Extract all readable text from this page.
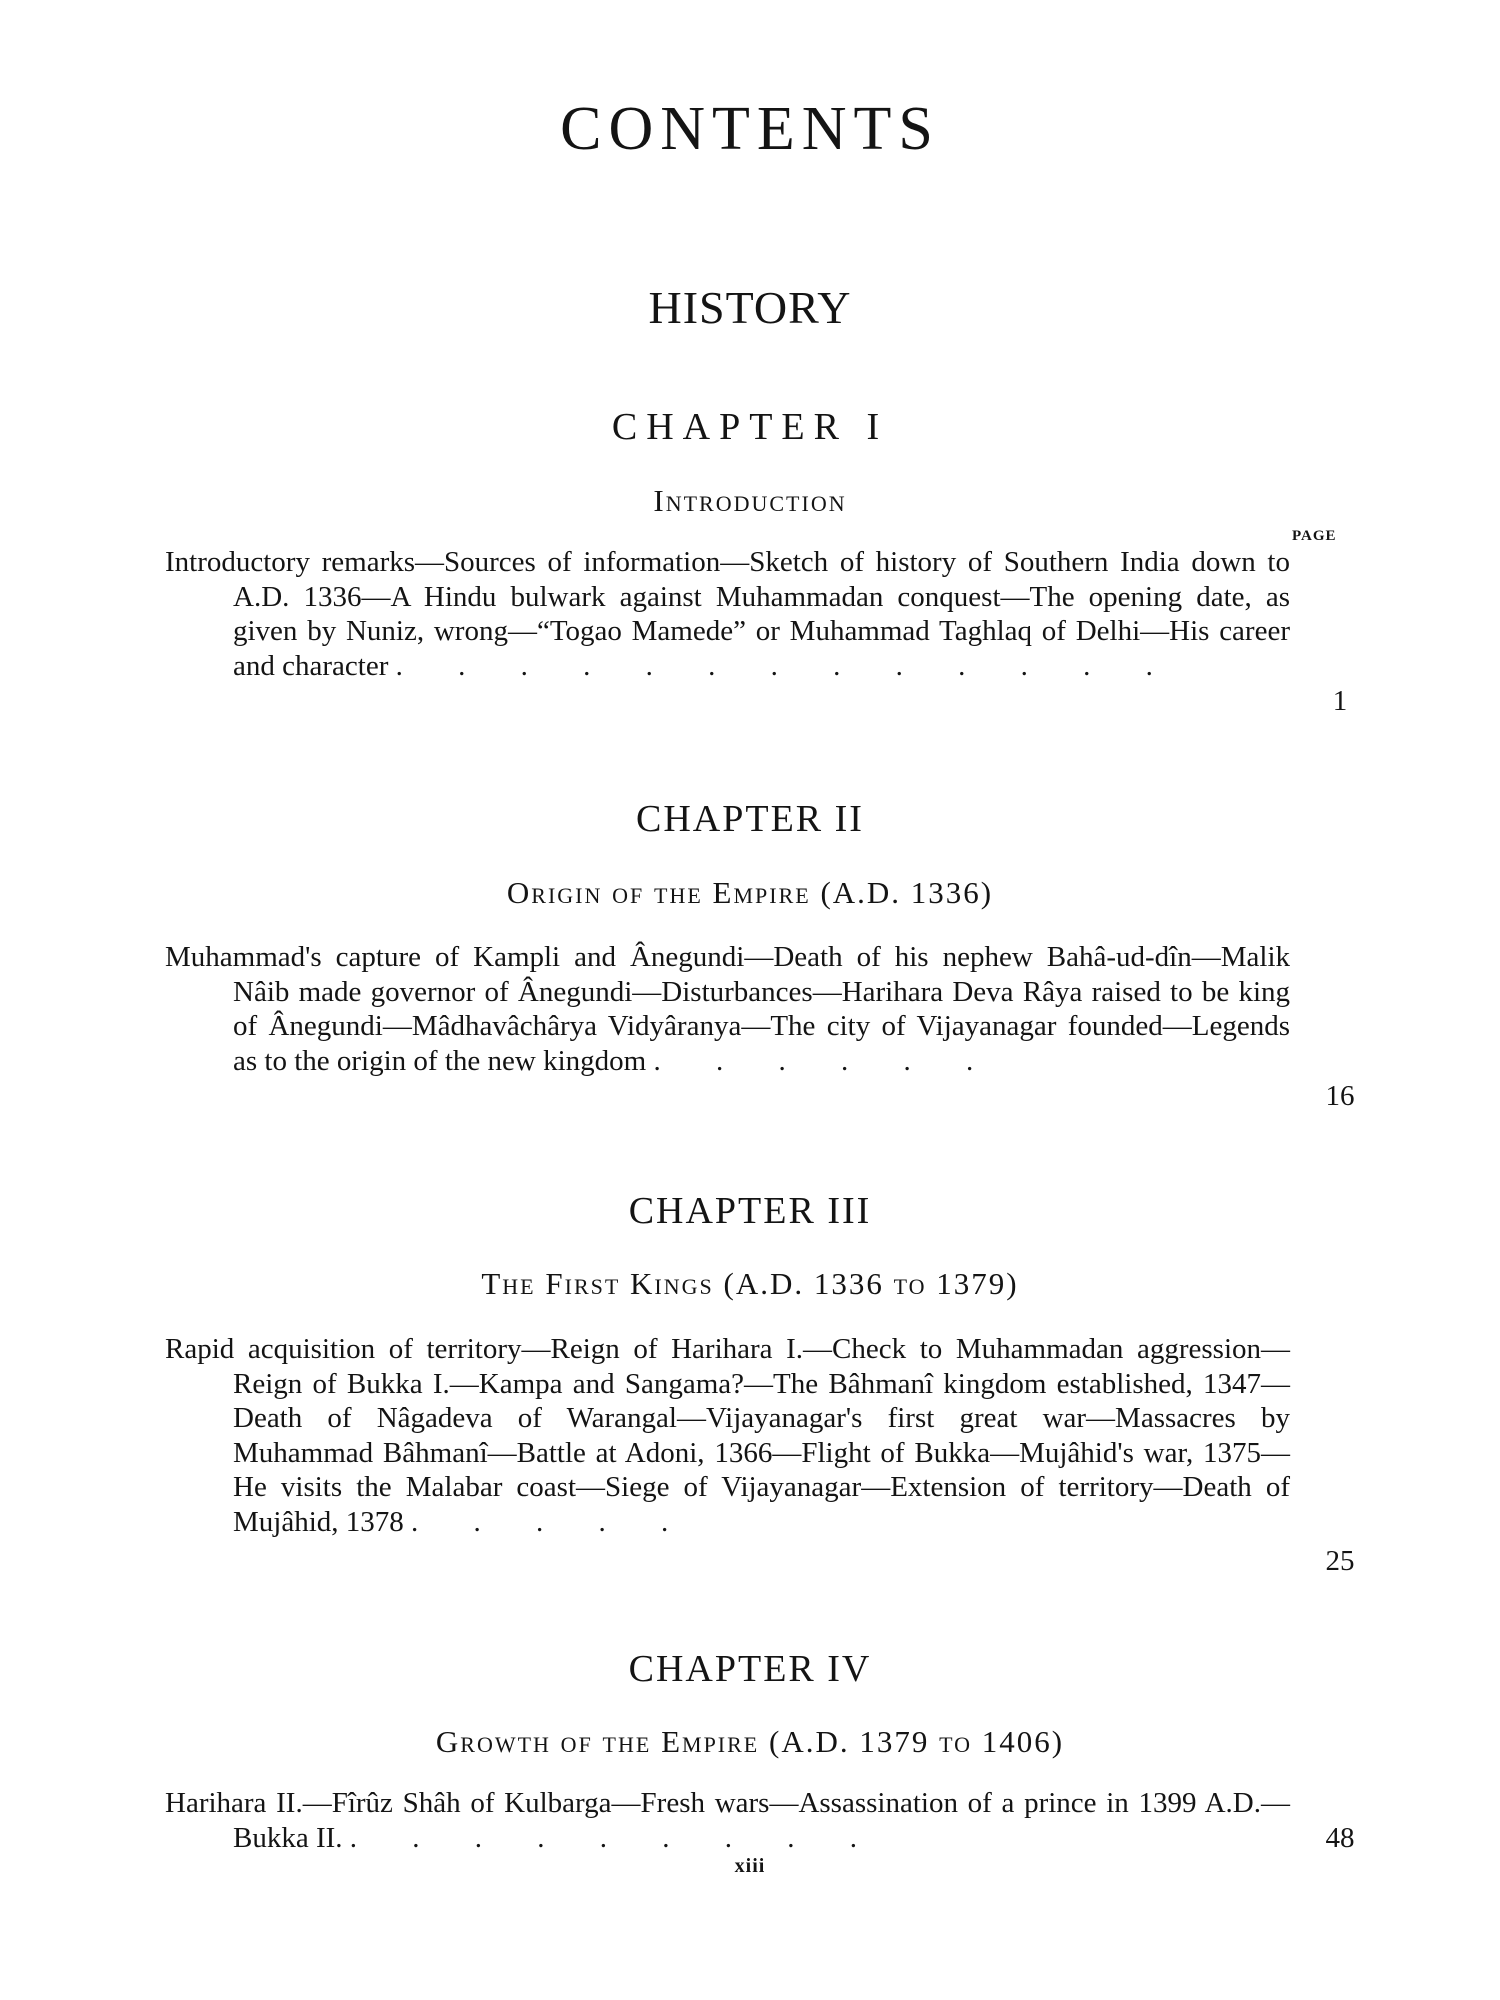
CONTENTS
HISTORY
CHAPTER I
Introduction
PAGE
Introductory remarks—Sources of information—Sketch of history of Southern India down to A.D. 1336—A Hindu bulwark against Muhammadan conquest—The opening date, as given by Nuniz, wrong—“Togao Mamede” or Muhammad Taghlaq of Delhi—His career and character . . . . . . . . . . . . .
1
CHAPTER II
Origin of the Empire (A.D. 1336)
Muhammad's capture of Kampli and Ânegundi—Death of his nephew Bahâ-ud-dîn—Malik Nâib made governor of Ânegundi—Disturbances—Harihara Deva Râya raised to be king of Ânegundi—Mâdhavâchârya Vidyâranya—The city of Vijayanagar founded—Legends as to the origin of the new kingdom . . . . . .
16
CHAPTER III
The First Kings (A.D. 1336 to 1379)
Rapid acquisition of territory—Reign of Harihara I.—Check to Muhammadan aggression—Reign of Bukka I.—Kampa and Sangama?—The Bâhmanî kingdom established, 1347—Death of Nâgadeva of Warangal—Vijayanagar's first great war—Massacres by Muhammad Bâhmanî—Battle at Adoni, 1366—Flight of Bukka—Mujâhid's war, 1375—He visits the Malabar coast—Siege of Vijayanagar—Extension of territory—Death of Mujâhid, 1378 . . . . .
25
CHAPTER IV
Growth of the Empire (A.D. 1379 to 1406)
Harihara II.—Fîrûz Shâh of Kulbarga—Fresh wars—Assassination of a prince in 1399 A.D.—Bukka II. . . . . . . . . .	48
xiii
